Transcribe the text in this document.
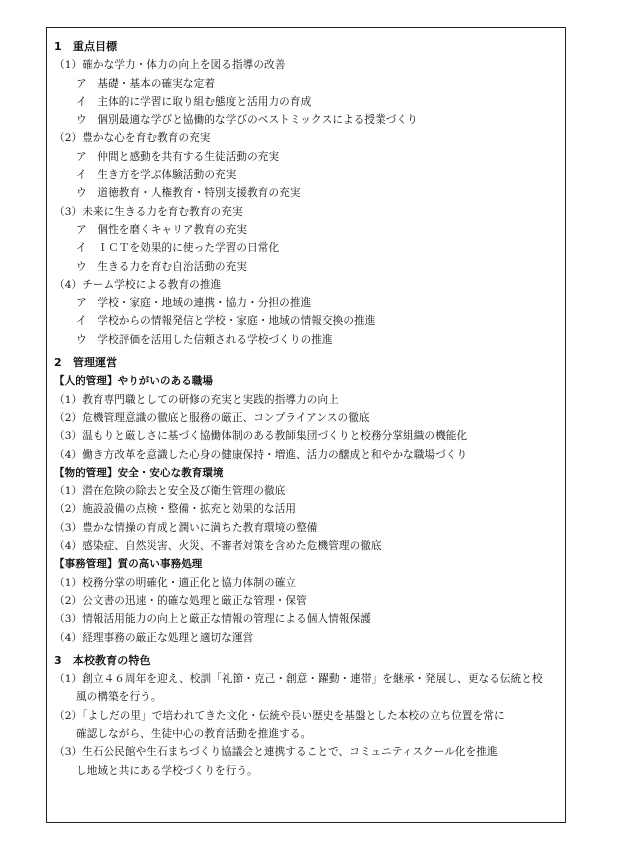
1　重点目標
（1）確かな学力・体力の向上を図る指導の改善
ア　基礎・基本の確実な定着
イ　主体的に学習に取り組む態度と活用力の育成
ウ　個別最適な学びと協働的な学びのベストミックスによる授業づくり
（2）豊かな心を育む教育の充実
ア　仲間と感動を共有する生徒活動の充実
イ　生き方を学ぶ体験活動の充実
ウ　道徳教育・人権教育・特別支援教育の充実
（3）未来に生きる力を育む教育の充実
ア　個性を磨くキャリア教育の充実
イ　ＩＣＴを効果的に使った学習の日常化
ウ　生きる力を育む自治活動の充実
（4）チーム学校による教育の推進
ア　学校・家庭・地域の連携・協力・分担の推進
イ　学校からの情報発信と学校・家庭・地域の情報交換の推進
ウ　学校評価を活用した信頼される学校づくりの推進
2　管理運営
【人的管理】やりがいのある職場
（1）教育専門職としての研修の充実と実践的指導力の向上
（2）危機管理意識の徹底と服務の厳正、コンプライアンスの徹底
（3）温もりと厳しさに基づく協働体制のある教師集団づくりと校務分掌組織の機能化
（4）働き方改革を意識した心身の健康保持・増進、活力の醸成と和やかな職場づくり
【物的管理】安全・安心な教育環境
（1）潜在危険の除去と安全及び衛生管理の徹底
（2）施設設備の点検・整備・拡充と効果的な活用
（3）豊かな情操の育成と潤いに満ちた教育環境の整備
（4）感染症、自然災害、火災、不審者対策を含めた危機管理の徹底
【事務管理】質の高い事務処理
（1）校務分掌の明確化・適正化と協力体制の確立
（2）公文書の迅速・的確な処理と厳正な管理・保管
（3）情報活用能力の向上と厳正な情報の管理による個人情報保護
（4）経理事務の厳正な処理と適切な運営
3　本校教育の特色
（1）創立４６周年を迎え、校訓「礼節・克己・創意・躍動・連帯」を継承・発展し、更なる伝統と校
風の構築を行う。
（2）「よしだの里」で培われてきた文化・伝統や長い歴史を基盤とした本校の立ち位置を常に
確認しながら、生徒中心の教育活動を推進する。
（3）生石公民館や生石まちづくり協議会と連携することで、コミュニティスクール化を推進
し地域と共にある学校づくりを行う。
